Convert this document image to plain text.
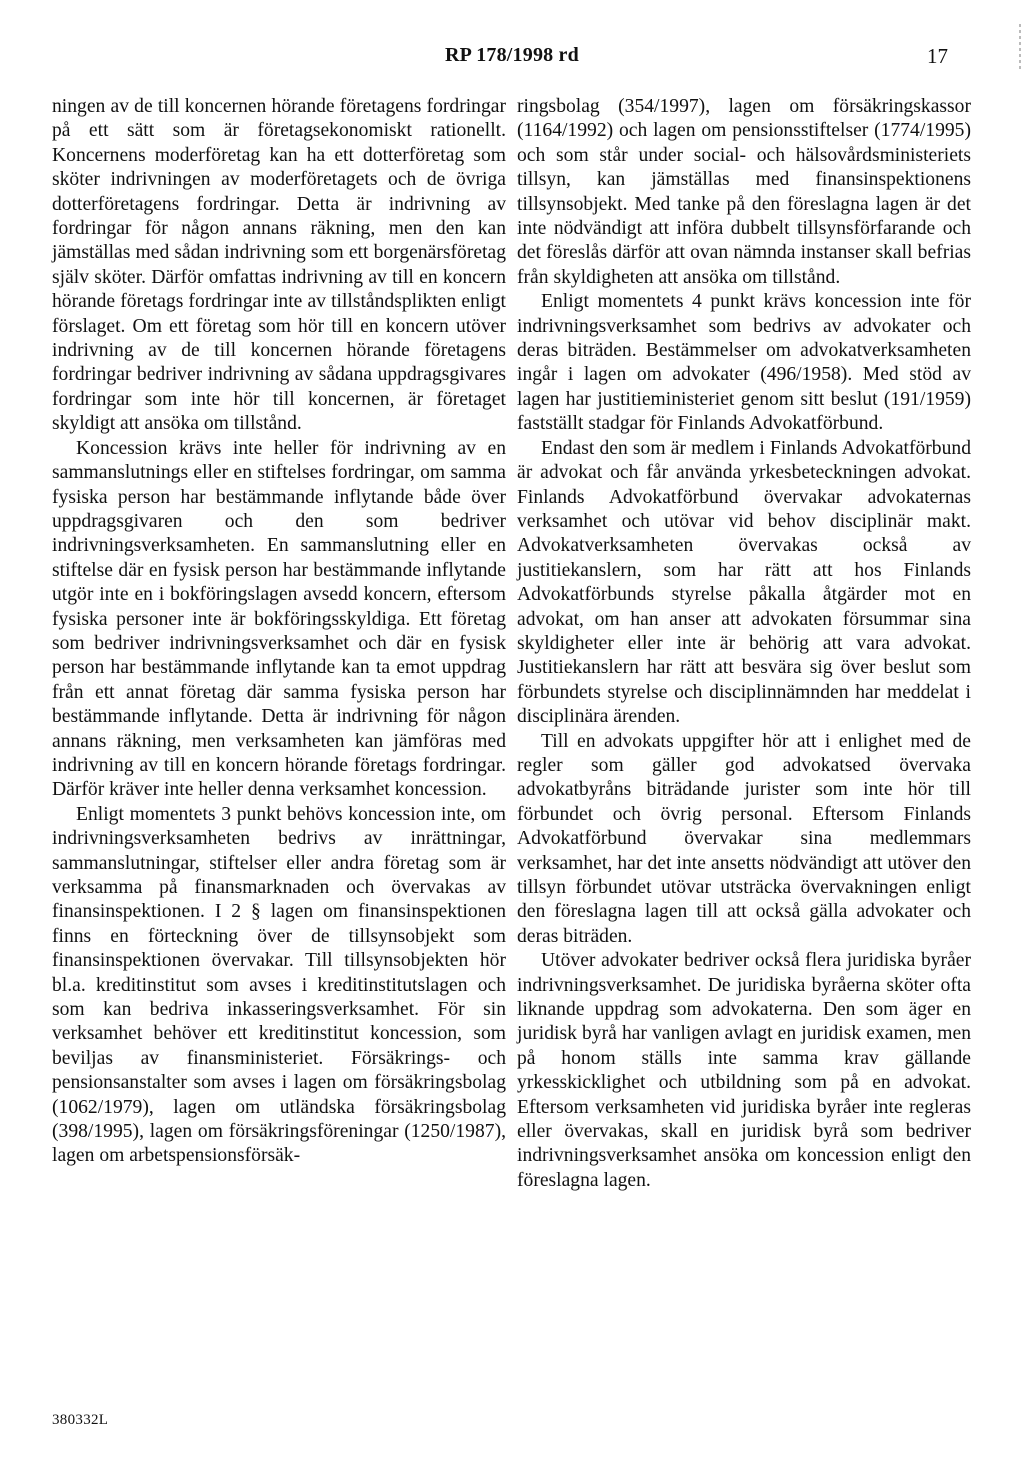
RP 178/1998 rd	17

ningen av de till koncernen hörande företagens fordringar på ett sätt som är företagsekonomiskt rationellt. Koncernens moderföretag kan ha ett dotterföretag som sköter indrivningen av moderföretagets och de övriga dotterföretagens fordringar. Detta är indrivning av fordringar för någon annans räkning, men den kan jämställas med sådan indrivning som ett borgenärsföretag själv sköter. Därför omfattas indrivning av till en koncern hörande företags fordringar inte av tillståndsplikten enligt förslaget. Om ett företag som hör till en koncern utöver indrivning av de till koncernen hörande företagens fordringar bedriver indrivning av sådana uppdragsgivares fordringar som inte hör till koncernen, är företaget skyldigt att ansöka om tillstånd.

Koncession krävs inte heller för indrivning av en sammanslutnings eller en stiftelses fordringar, om samma fysiska person har bestämmande inflytande både över uppdragsgivaren och den som bedriver indrivningsverksamheten. En sammanslutning eller en stiftelse där en fysisk person har bestämmande inflytande utgör inte en i bokföringslagen avsedd koncern, eftersom fysiska personer inte är bokföringsskyldiga. Ett företag som bedriver indrivningsverksamhet och där en fysisk person har bestämmande inflytande kan ta emot uppdrag från ett annat företag där samma fysiska person har bestämmande inflytande. Detta är indrivning för någon annans räkning, men verksamheten kan jämföras med indrivning av till en koncern hörande företags fordringar. Därför kräver inte heller denna verksamhet koncession.

Enligt momentets 3 punkt behövs koncession inte, om indrivningsverksamheten bedrivs av inrättningar, sammanslutningar, stiftelser eller andra företag som är verksamma på finansmarknaden och övervakas av finansinspektionen. I 2 § lagen om finansinspektionen finns en förteckning över de tillsynsobjekt som finansinspektionen övervakar. Till tillsynsobjekten hör bl.a. kreditinstitut som avses i kreditinstitutslagen och som kan bedriva inkasseringsverksamhet. För sin verksamhet behöver ett kreditinstitut koncession, som beviljas av finansministeriet. Försäkrings- och pensionsanstalter som avses i lagen om försäkringsbolag (1062/1979), lagen om utländska försäkringsbolag (398/1995), lagen om försäkringsföreningar (1250/1987), lagen om arbetspensionsförsäk-

ringsbolag (354/1997), lagen om försäkringskassor (1164/1992) och lagen om pensionsstiftelser (1774/1995) och som står under social- och hälsovårdsministeriets tillsyn, kan jämställas med finansinspektionens tillsynsobjekt. Med tanke på den föreslagna lagen är det inte nödvändigt att införa dubbelt tillsynsförfarande och det föreslås därför att ovan nämnda instanser skall befrias från skyldigheten att ansöka om tillstånd.

Enligt momentets 4 punkt krävs koncession inte för indrivningsverksamhet som bedrivs av advokater och deras biträden. Bestämmelser om advokatverksamheten ingår i lagen om advokater (496/1958). Med stöd av lagen har justitieministeriet genom sitt beslut (191/1959) fastställt stadgar för Finlands Advokatförbund.

Endast den som är medlem i Finlands Advokatförbund är advokat och får använda yrkesbeteckningen advokat. Finlands Advokatförbund övervakar advokaternas verksamhet och utövar vid behov disciplinär makt. Advokatverksamheten övervakas också av justitiekanslern, som har rätt att hos Finlands Advokatförbunds styrelse påkalla åtgärder mot en advokat, om han anser att advokaten försummar sina skyldigheter eller inte är behörig att vara advokat. Justitiekanslern har rätt att besvära sig över beslut som förbundets styrelse och disciplinnämnden har meddelat i disciplinära ärenden.

Till en advokats uppgifter hör att i enlighet med de regler som gäller god advokatsed övervaka advokatbyråns biträdande jurister som inte hör till förbundet och övrig personal. Eftersom Finlands Advokatförbund övervakar sina medlemmars verksamhet, har det inte ansetts nödvändigt att utöver den tillsyn förbundet utövar utsträcka övervakningen enligt den föreslagna lagen till att också gälla advokater och deras biträden.

Utöver advokater bedriver också flera juridiska byråer indrivningsverksamhet. De juridiska byråerna sköter ofta liknande uppdrag som advokaterna. Den som äger en juridisk byrå har vanligen avlagt en juridisk examen, men på honom ställs inte samma krav gällande yrkesskicklighet och utbildning som på en advokat. Eftersom verksamheten vid juridiska byråer inte regleras eller övervakas, skall en juridisk byrå som bedriver indrivningsverksamhet ansöka om koncession enligt den föreslagna lagen.

380332L
